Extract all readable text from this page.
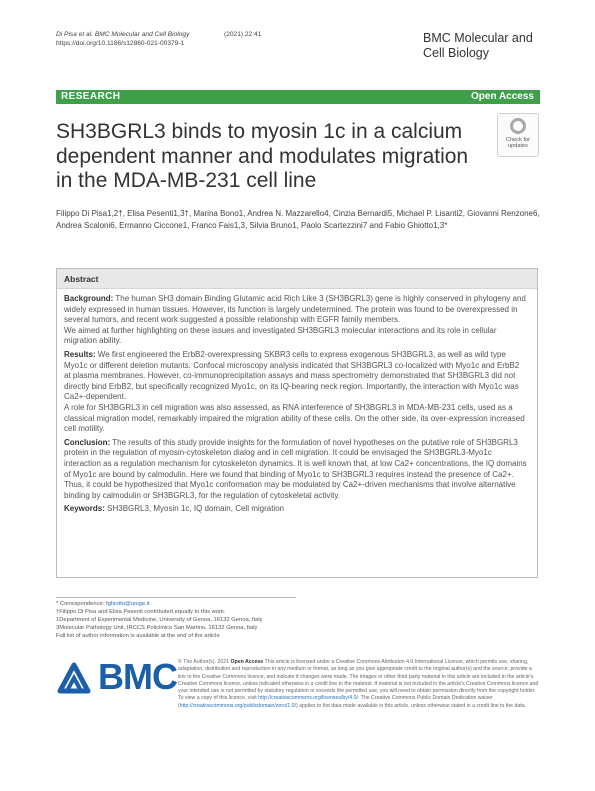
Di Pisa et al. BMC Molecular and Cell Biology	(2021) 22:41
https://doi.org/10.1186/s12860-021-00379-1	BMC Molecular and
Cell Biology
RESEARCH	Open Access
SH3BGRL3 binds to myosin 1c in a calcium dependent manner and modulates migration in the MDA-MB-231 cell line
Check for
updates
Filippo Di Pisa1,2†, Elisa Pesenti1,3†, Marina Bono1, Andrea N. Mazzarello4, Cinzia Bernardi5, Michael P. Lisanti2, Giovanni Renzone6, Andrea Scaloni6, Ermanno Ciccone1, Franco Fais1,3, Silvia Bruno1, Paolo Scartezzini7 and Fabio Ghiotto1,3*
Abstract

Background: The human SH3 domain Binding Glutamic acid Rich Like 3 (SH3BGRL3) gene is highly conserved in phylogeny and widely expressed in human tissues. However, its function is largely undetermined. The protein was found to be overexpressed in several tumors, and recent work suggested a possible relationship with EGFR family members.
We aimed at further highlighting on these issues and investigated SH3BGRL3 molecular interactions and its role in cellular migration ability.

Results: We first engineered the ErbB2-overexpressing SKBR3 cells to express exogenous SH3BGRL3, as well as wild type Myo1c or different deletion mutants. Confocal microscopy analysis indicated that SH3BGRL3 co-localized with Myo1c and ErbB2 at plasma membranes. However, co-immunoprecipitation assays and mass spectrometry demonstrated that SH3BGRL3 did not directly bind ErbB2, but specifically recognized Myo1c, on its IQ-bearing neck region. Importantly, the interaction with Myo1c was Ca2+-dependent.
A role for SH3BGRL3 in cell migration was also assessed, as RNA interference of SH3BGRL3 in MDA-MB-231 cells, used as a classical migration model, remarkably impaired the migration ability of these cells. On the other side, its over-expression increased cell motility.

Conclusion: The results of this study provide insights for the formulation of novel hypotheses on the putative role of SH3BGRL3 protein in the regulation of myosin-cytoskeleton dialog and in cell migration. It could be envisaged the SH3BGRL3-Myo1c interaction as a regulation mechanism for cytoskeleton dynamics. It is well known that, at low Ca2+ concentrations, the IQ domains of Myo1c are bound by calmodulin. Here we found that binding of Myo1c to SH3BGRL3 requires instead the presence of Ca2+. Thus, it could be hypothesized that Myo1c conformation may be modulated by Ca2+-driven mechanisms that involve alternative binding by calmodulin or SH3BGRL3, for the regulation of cytoskeletal activity.

Keywords: SH3BGRL3, Myosin 1c, IQ domain, Cell migration

* Correspondence: fghiotto@unige.it
†Filippo Di Pisa and Elisa Pesenti contributed equally to this work.
1Department of Experimental Medicine, University of Genoa, 16132 Genoa, Italy
3Molecular Pathology Unit, IRCCS Policlinico San Martino, 16132 Genoa, Italy
Full list of author information is available at the end of the article
BMC © The Author(s). 2021 Open Access This article is licensed under a Creative Commons Attribution 4.0 International License, which permits use, sharing, adaptation, distribution and reproduction in any medium or format, as long as you give appropriate credit to the original author(s) and the source, provide a link to the Creative Commons licence, and indicate if changes were made. The images or other third party material in this article are included in the article's Creative Commons licence, unless indicated otherwise in a credit line to the material. If material is not included in the article's Creative Commons licence and your intended use is not permitted by statutory regulation or exceeds the permitted use, you will need to obtain permission directly from the copyright holder. To view a copy of this licence, visit http://creativecommons.org/licenses/by/4.0/. The Creative Commons Public Domain Dedication waiver (http://creativecommons.org/publicdomain/zero/1.0/) applies to the data made available in this article, unless otherwise stated in a credit line to the data.
